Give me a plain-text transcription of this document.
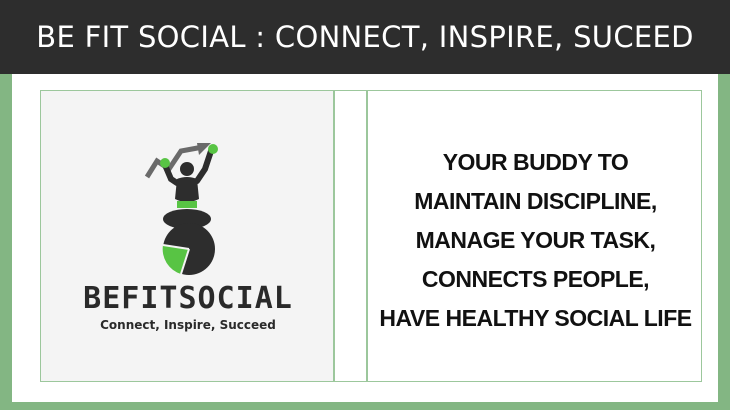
BE FIT SOCIAL : CONNECT, INSPIRE, SUCEED
BEFITSOCIAL
Connect, Inspire, Succeed
YOUR BUDDY TO
MAINTAIN DISCIPLINE,
MANAGE YOUR TASK,
CONNECTS PEOPLE,
HAVE HEALTHY SOCIAL LIFE
